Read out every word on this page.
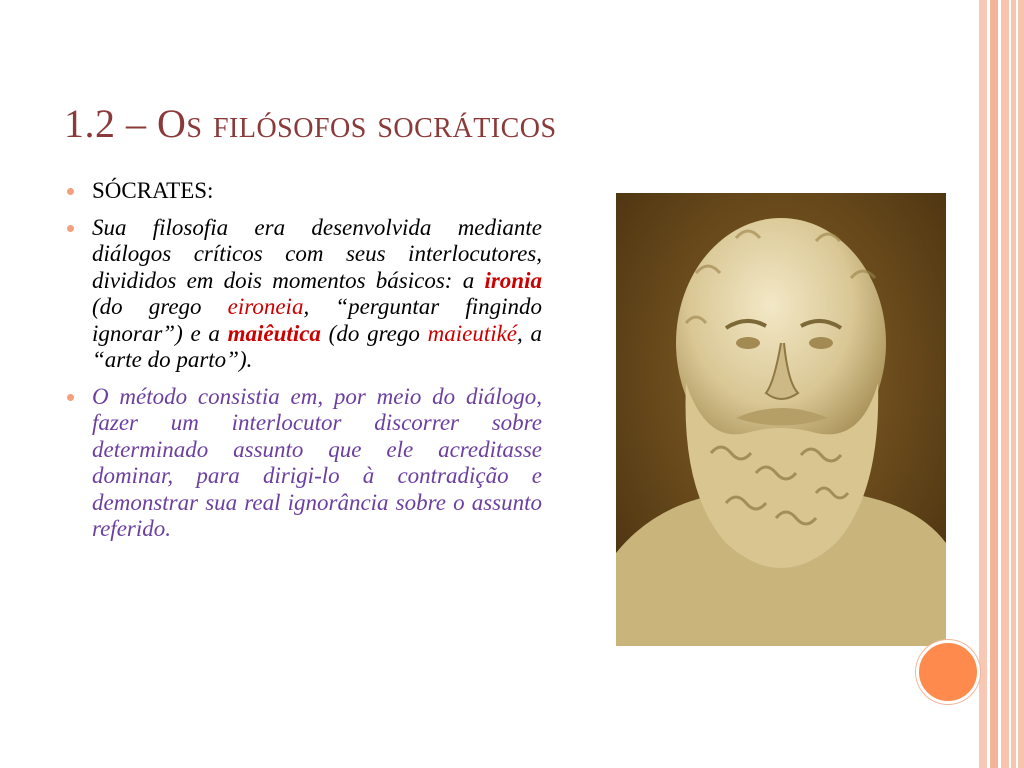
1.2 – Os filósofos socráticos

SÓCRATES:

Sua filosofia era desenvolvida mediante diálogos críticos com seus interlocutores, divididos em dois momentos básicos: a ironia (do grego eironeia, “perguntar fingindo ignorar”) e a maiêutica (do grego maieutiké, a “arte do parto”).

O método consistia em, por meio do diálogo, fazer um interlocutor discorrer sobre determinado assunto que ele acreditasse dominar, para dirigi-lo à contradição e demonstrar sua real ignorância sobre o assunto referido.
